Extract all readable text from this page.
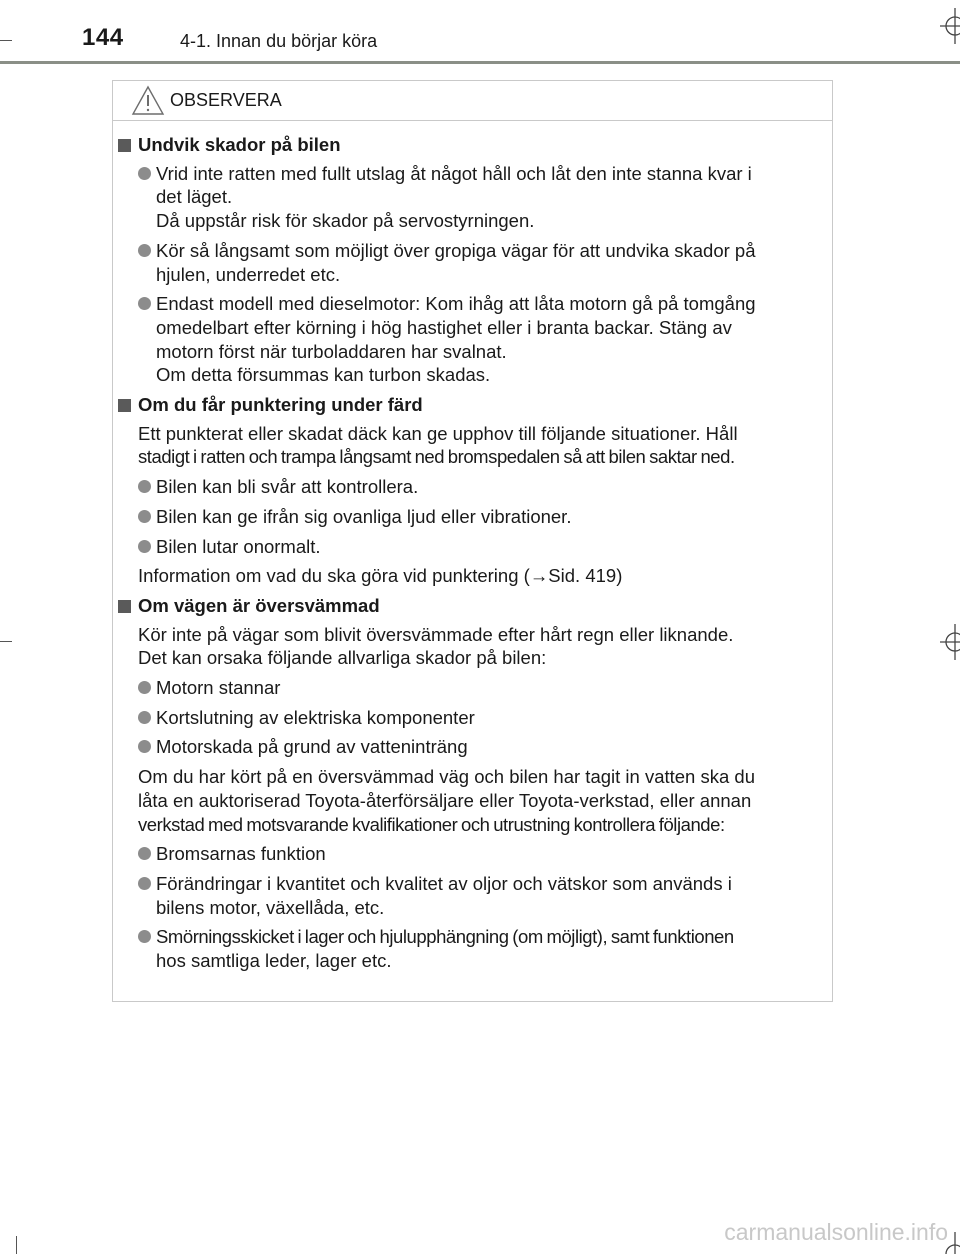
144	4-1. Innan du börjar köra
OBSERVERA
Undvik skador på bilen
Vrid inte ratten med fullt utslag åt något håll och låt den inte stanna kvar i
det läget.
Då uppstår risk för skador på servostyrningen.
Kör så långsamt som möjligt över gropiga vägar för att undvika skador på
hjulen, underredet etc.
Endast modell med dieselmotor: Kom ihåg att låta motorn gå på tomgång
omedelbart efter körning i hög hastighet eller i branta backar. Stäng av
motorn först när turboladdaren har svalnat.
Om detta försummas kan turbon skadas.
Om du får punktering under färd
Ett punkterat eller skadat däck kan ge upphov till följande situationer. Håll
stadigt i ratten och trampa långsamt ned bromspedalen så att bilen saktar ned.
Bilen kan bli svår att kontrollera.
Bilen kan ge ifrån sig ovanliga ljud eller vibrationer.
Bilen lutar onormalt.
Information om vad du ska göra vid punktering (→Sid. 419)
Om vägen är översvämmad
Kör inte på vägar som blivit översvämmade efter hårt regn eller liknande.
Det kan orsaka följande allvarliga skador på bilen:
Motorn stannar
Kortslutning av elektriska komponenter
Motorskada på grund av vatteninträng
Om du har kört på en översvämmad väg och bilen har tagit in vatten ska du
låta en auktoriserad Toyota-återförsäljare eller Toyota-verkstad, eller annan
verkstad med motsvarande kvalifikationer och utrustning kontrollera följande:
Bromsarnas funktion
Förändringar i kvantitet och kvalitet av oljor och vätskor som används i
bilens motor, växellåda, etc.
Smörningsskicket i lager och hjulupphängning (om möjligt), samt funktionen
hos samtliga leder, lager etc.
carmanualsonline.info
